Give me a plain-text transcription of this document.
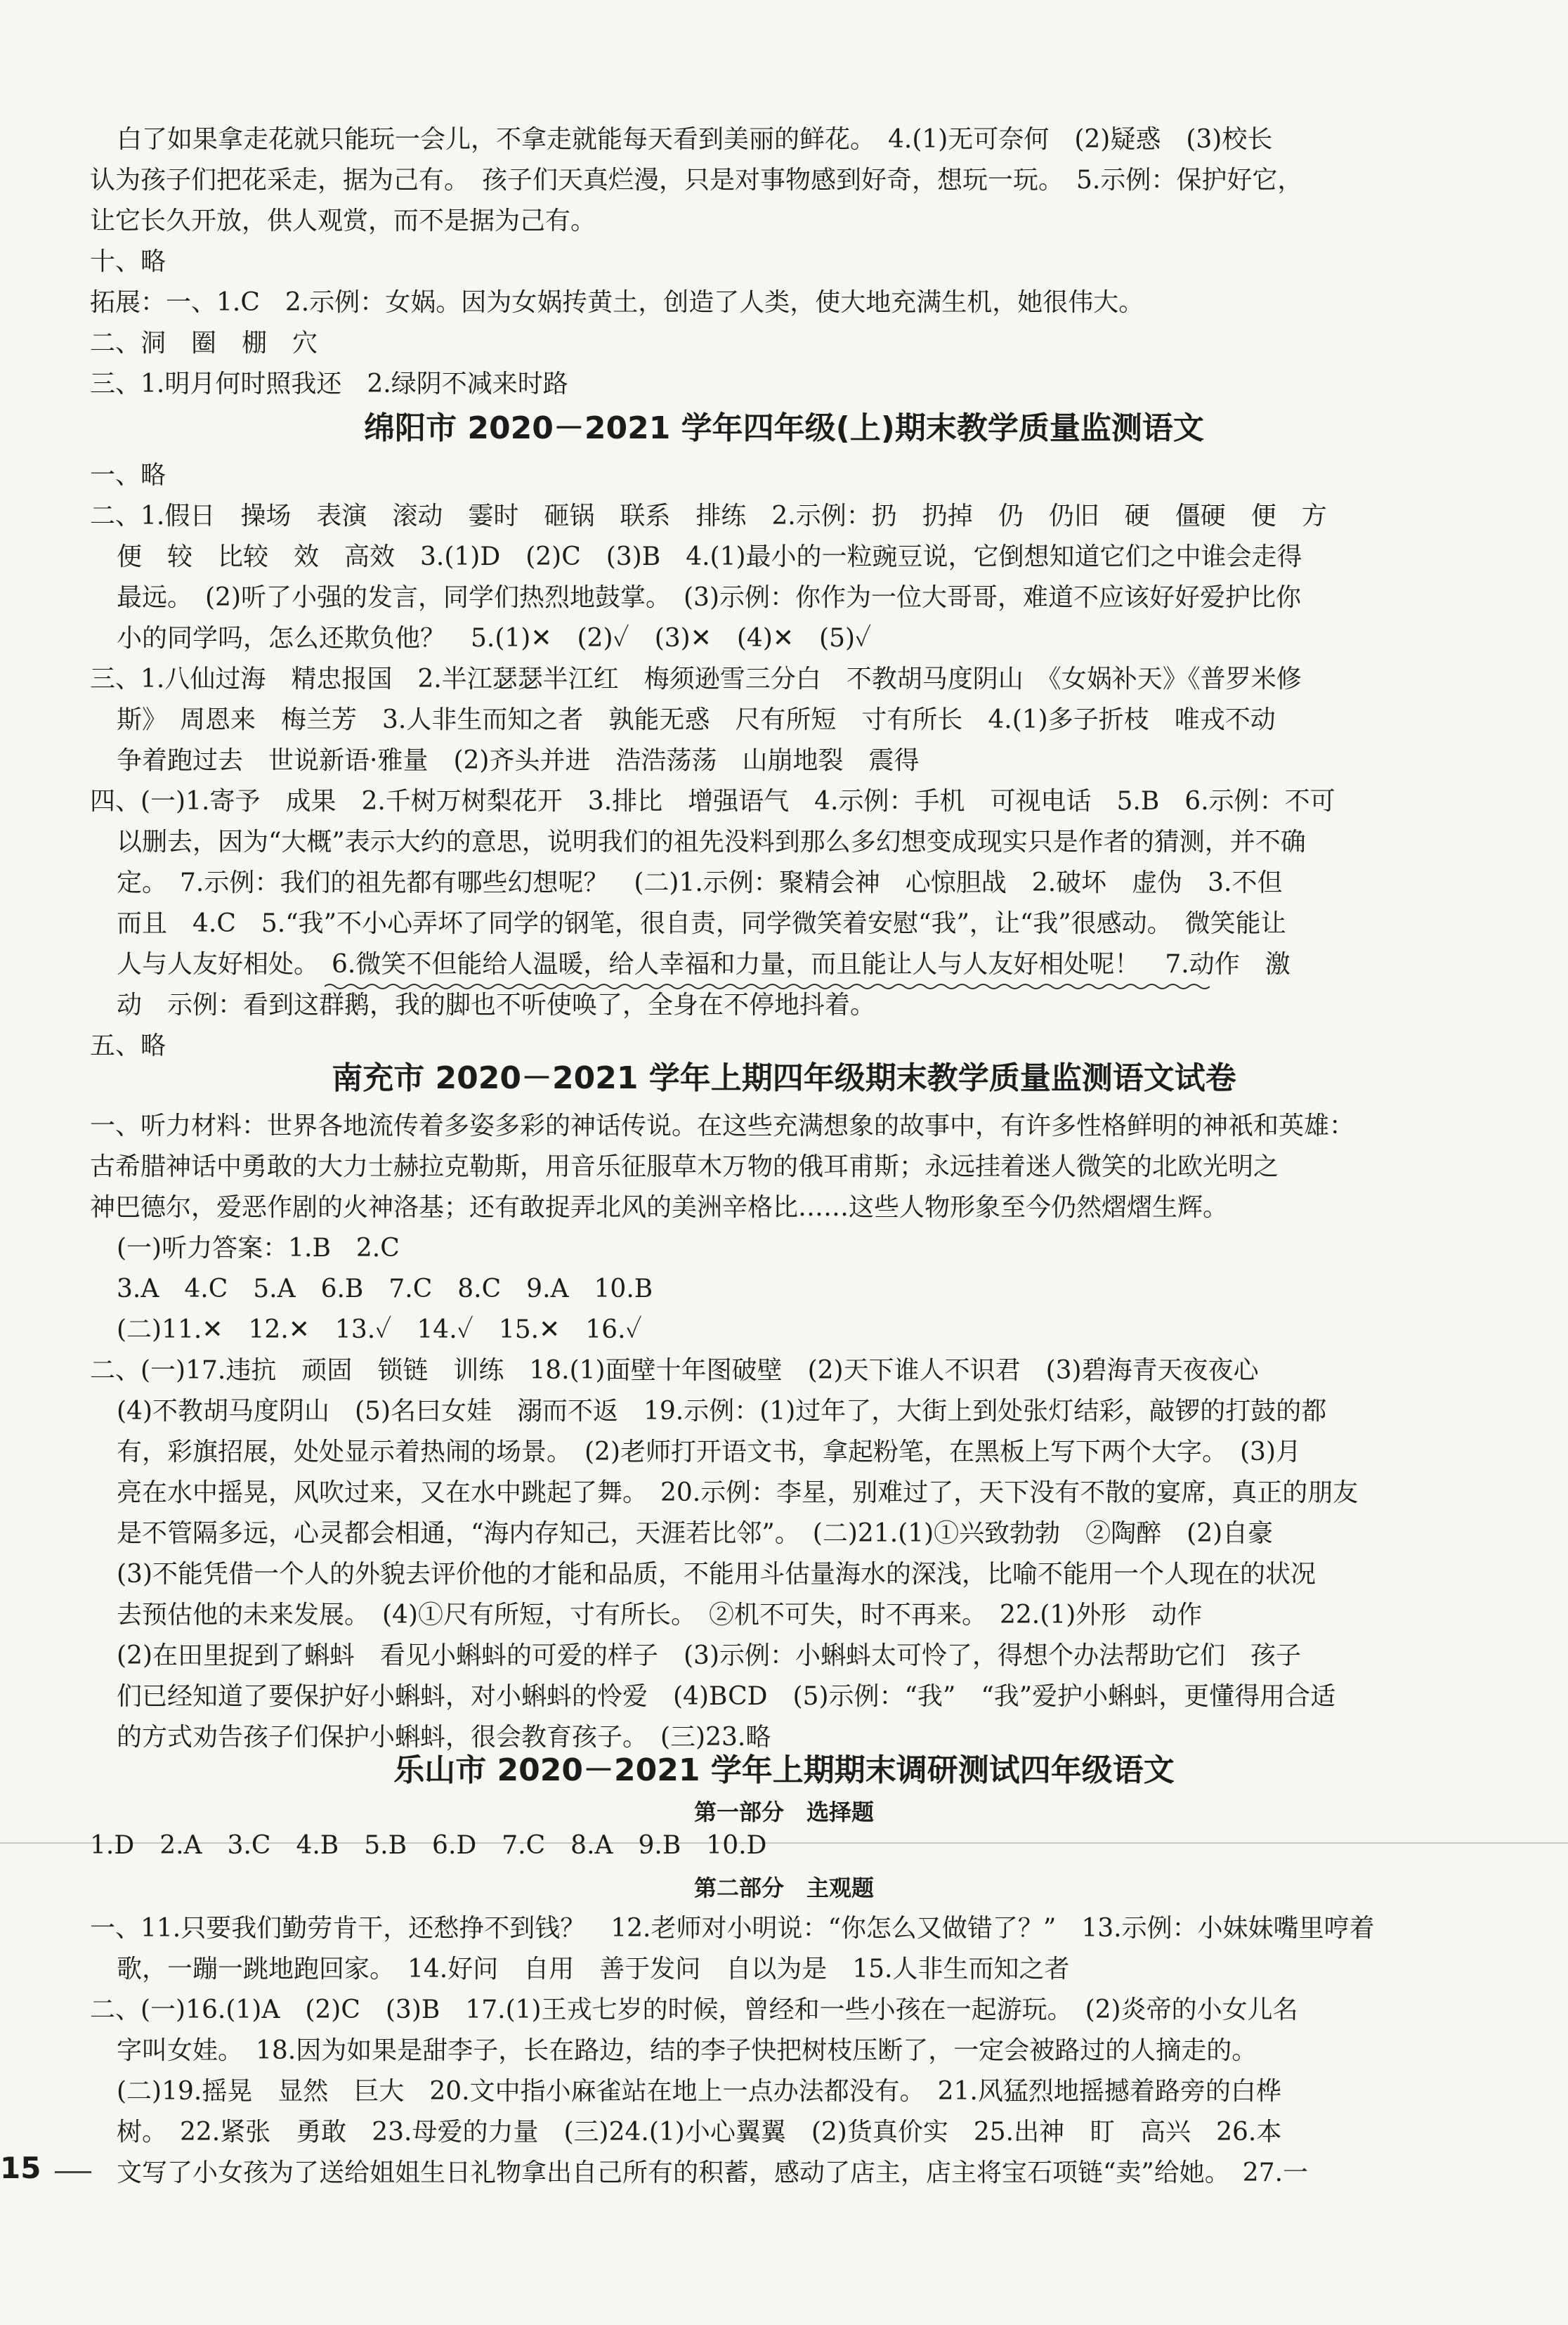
白了如果拿走花就只能玩一会儿，不拿走就能每天看到美丽的鲜花。　4.(1)无可奈何　(2)疑惑　(3)校长
认为孩子们把花采走，据为己有。　孩子们天真烂漫，只是对事物感到好奇，想玩一玩。　5.示例：保护好它，
让它长久开放，供人观赏，而不是据为己有。
十、略
拓展：一、1.C　2.示例：女娲。因为女娲抟黄土，创造了人类，使大地充满生机，她很伟大。
二、洞　圈　棚　穴
三、1.明月何时照我还　2.绿阴不减来时路
绵阳市 2020－2021 学年四年级(上)期末教学质量监测语文
一、略
二、1.假日　操场　表演　滚动　霎时　砸锅　联系　排练　2.示例：扔　扔掉　仍　仍旧　硬　僵硬　便　方
便　较　比较　效　高效　3.(1)D　(2)C　(3)B　4.(1)最小的一粒豌豆说，它倒想知道它们之中谁会走得
最远。　(2)听了小强的发言，同学们热烈地鼓掌。　(3)示例：你作为一位大哥哥，难道不应该好好爱护比你
小的同学吗，怎么还欺负他？　5.(1)✕　(2)✓　(3)✕　(4)✕　(5)✓
三、1.八仙过海　精忠报国　2.半江瑟瑟半江红　梅须逊雪三分白　不教胡马度阴山　《女娲补天》《普罗米修
斯》　周恩来　梅兰芳　3.人非生而知之者　孰能无惑　尺有所短　寸有所长　4.(1)多子折枝　唯戎不动
争着跑过去　世说新语·雅量　(2)齐头并进　浩浩荡荡　山崩地裂　震得
四、(一)1.寄予　成果　2.千树万树梨花开　3.排比　增强语气　4.示例：手机　可视电话　5.B　6.示例：不可
以删去，因为“大概”表示大约的意思，说明我们的祖先没料到那么多幻想变成现实只是作者的猜测，并不确
定。　7.示例：我们的祖先都有哪些幻想呢？　(二)1.示例：聚精会神　心惊胆战　2.破坏　虚伪　3.不但
而且　4.C　5.“我”不小心弄坏了同学的钢笔，很自责，同学微笑着安慰“我”，让“我”很感动。　微笑能让
人与人友好相处。　6.微笑不但能给人温暖，给人幸福和力量，而且能让人与人友好相处呢！　7.动作　激
动　示例：看到这群鹅，我的脚也不听使唤了，全身在不停地抖着。
五、略
南充市 2020－2021 学年上期四年级期末教学质量监测语文试卷
一、听力材料：世界各地流传着多姿多彩的神话传说。在这些充满想象的故事中，有许多性格鲜明的神祇和英雄：
古希腊神话中勇敢的大力士赫拉克勒斯，用音乐征服草木万物的俄耳甫斯；永远挂着迷人微笑的北欧光明之
神巴德尔，爱恶作剧的火神洛基；还有敢捉弄北风的美洲辛格比……这些人物形象至今仍然熠熠生辉。
(一)听力答案：1.B　2.C
3.A　4.C　5.A　6.B　7.C　8.C　9.A　10.B
(二)11.✕　12.✕　13.✓　14.✓　15.✕　16.✓
二、(一)17.违抗　顽固　锁链　训练　18.(1)面壁十年图破壁　(2)天下谁人不识君　(3)碧海青天夜夜心
(4)不教胡马度阴山　(5)名曰女娃　溺而不返　19.示例：(1)过年了，大街上到处张灯结彩，敲锣的打鼓的都
有，彩旗招展，处处显示着热闹的场景。　(2)老师打开语文书，拿起粉笔，在黑板上写下两个大字。　(3)月
亮在水中摇晃，风吹过来，又在水中跳起了舞。　20.示例：李星，别难过了，天下没有不散的宴席，真正的朋友
是不管隔多远，心灵都会相通，“海内存知己，天涯若比邻”。　(二)21.(1)①兴致勃勃　②陶醉　(2)自豪
(3)不能凭借一个人的外貌去评价他的才能和品质，不能用斗估量海水的深浅，比喻不能用一个人现在的状况
去预估他的未来发展。　(4)①尺有所短，寸有所长。　②机不可失，时不再来。　22.(1)外形　动作
(2)在田里捉到了蝌蚪　看见小蝌蚪的可爱的样子　(3)示例：小蝌蚪太可怜了，得想个办法帮助它们　孩子
们已经知道了要保护好小蝌蚪，对小蝌蚪的怜爱　(4)BCD　(5)示例：“我”　“我”爱护小蝌蚪，更懂得用合适
的方式劝告孩子们保护小蝌蚪，很会教育孩子。　(三)23.略
乐山市 2020－2021 学年上期期末调研测试四年级语文
第一部分　选择题
1.D　2.A　3.C　4.B　5.B　6.D　7.C　8.A　9.B　10.D
第二部分　主观题
一、11.只要我们勤劳肯干，还愁挣不到钱？　12.老师对小明说：“你怎么又做错了？”　13.示例：小妹妹嘴里哼着
歌，一蹦一跳地跑回家。　14.好问　自用　善于发问　自以为是　15.人非生而知之者
二、(一)16.(1)A　(2)C　(3)B　17.(1)王戎七岁的时候，曾经和一些小孩在一起游玩。　(2)炎帝的小女儿名
字叫女娃。　18.因为如果是甜李子，长在路边，结的李子快把树枝压断了，一定会被路过的人摘走的。
(二)19.摇晃　显然　巨大　20.文中指小麻雀站在地上一点办法都没有。　21.风猛烈地摇撼着路旁的白桦
树。　22.紧张　勇敢　23.母爱的力量　(三)24.(1)小心翼翼　(2)货真价实　25.出神　盯　高兴　26.本
文写了小女孩为了送给姐姐生日礼物拿出自己所有的积蓄，感动了店主，店主将宝石项链“卖”给她。　27.一
15
